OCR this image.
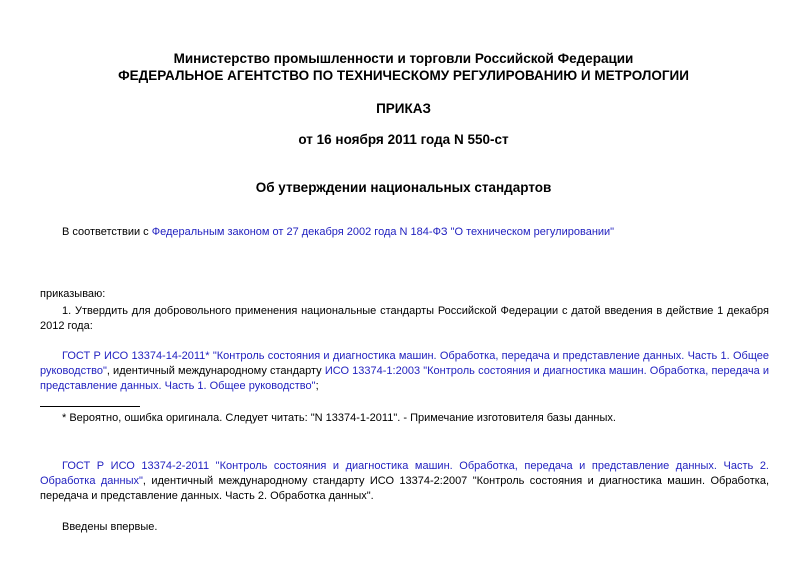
Министерство промышленности и торговли Российской Федерации
ФЕДЕРАЛЬНОЕ АГЕНТСТВО ПО ТЕХНИЧЕСКОМУ РЕГУЛИРОВАНИЮ И МЕТРОЛОГИИ
ПРИКАЗ
от 16 ноября 2011 года N 550-ст
Об утверждении национальных стандартов

В соответствии с Федеральным законом от 27 декабря 2002 года N 184-ФЗ "О техническом регулировании"

приказываю:

1. Утвердить для добровольного применения национальные стандарты Российской Федерации с датой введения в действие 1 декабря 2012 года:

ГОСТ Р ИСО 13374-14-2011* "Контроль состояния и диагностика машин. Обработка, передача и представление данных. Часть 1. Общее руководство", идентичный международному стандарту ИСО 13374-1:2003 "Контроль состояния и диагностика машин. Обработка, передача и представление данных. Часть 1. Общее руководство";

* Вероятно, ошибка оригинала. Следует читать: "N 13374-1-2011". - Примечание изготовителя базы данных.

ГОСТ Р ИСО 13374-2-2011 "Контроль состояния и диагностика машин. Обработка, передача и представление данных. Часть 2. Обработка данных", идентичный международному стандарту ИСО 13374-2:2007 "Контроль состояния и диагностика машин. Обработка, передача и представление данных. Часть 2. Обработка данных".

Введены впервые.
